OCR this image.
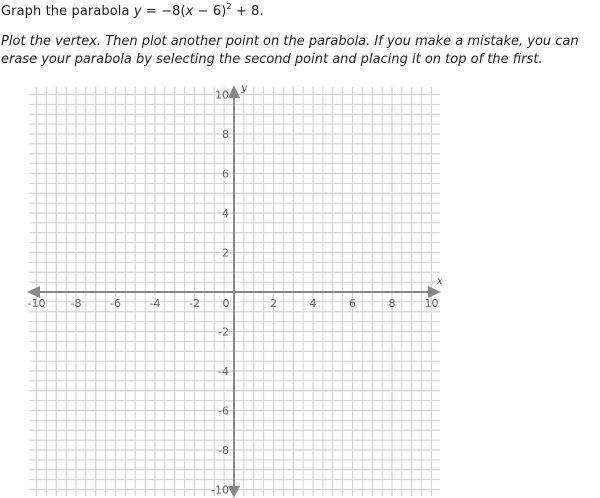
Graph the parabola $y = -8(x - 6)^2 + 8$.
Plot the vertex. Then plot another point on the parabola. If you make a mistake, you can
erase your parabola by selecting the second point and placing it on top of the first.
x
y
-10 -8	-6	-4	-2 0	2	4	6	8	10
10
8
6
4
2
-2
-4
-6
-8
-10
